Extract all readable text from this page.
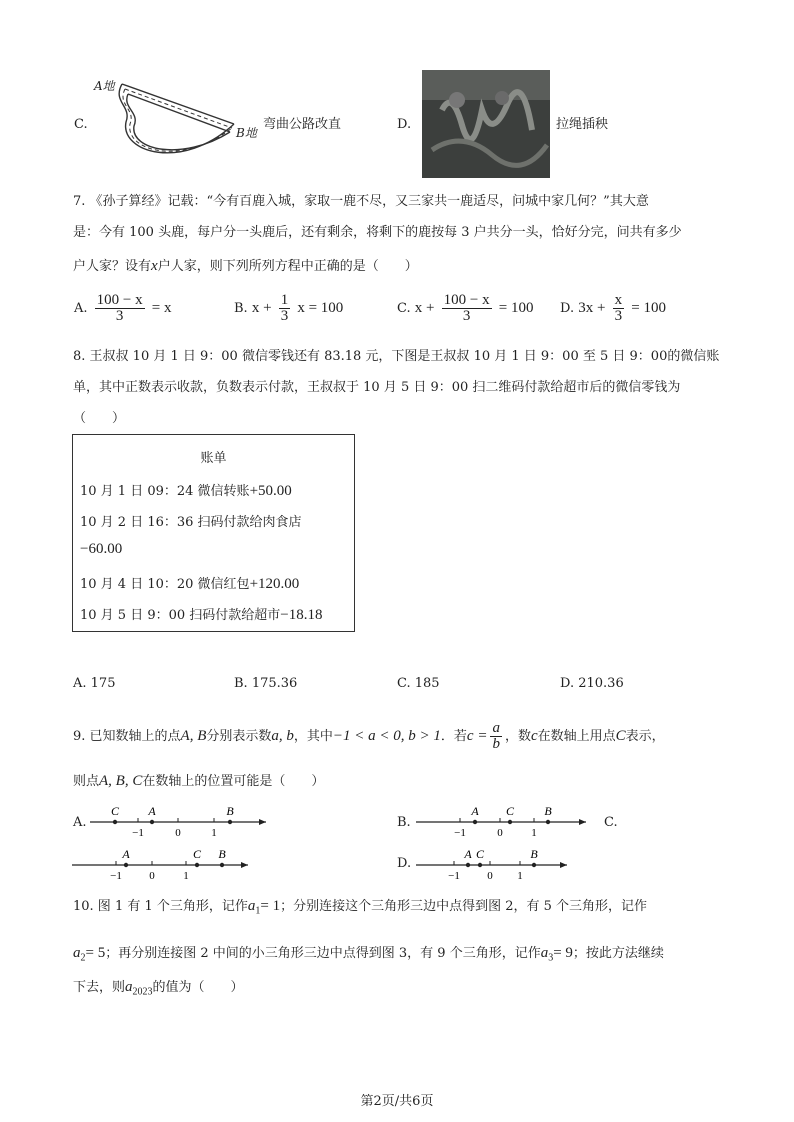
C.
A地
B地
弯曲公路改直	D.	拉绳插秧
7. 《孙子算经》记载：“今有百鹿入城，家取一鹿不尽，又三家共一鹿适尽，问城中家几何？”其大意
是：今有 100 头鹿，每户分一头鹿后，还有剩余，将剩下的鹿按每 3 户共分一头，恰好分完，问共有多少
户人家？设有x户人家，则下列所列方程中正确的是（　　）
A. $\frac{100 - x}{3} = x$	B. $x + \frac{1}{3}$ x = 100	C. $x + \frac{100 - x}{3} = 100$ D. $3x + \frac{x}{3} = 100$
8. 王叔叔 10 月 1 日 9：00 微信零钱还有 83.18 元，下图是王叔叔 10 月 1 日 9：00 至 5 日 9：00的微信账
单，其中正数表示收款，负数表示付款，王叔叔于 10 月 5 日 9：00 扫二维码付款给超市后的微信零钱为
（　　）
账单
10 月 1 日 09：24 微信转账+50.00
10 月 2 日 16：36 扫码付款给肉食店
−60.00
10 月 4 日 10：20 微信红包+120.00
10 月 5 日 9：00 扫码付款给超市−18.18
A. 175	B. 175.36	C. 185	D. 210.36
9. 已知数轴上的点A, B分别表示数a, b，其中−1 < a < 0, b > 1．若$c = \frac{a}{b}$ ，数c在数轴上用点C表示，
则点A, B, C在数轴上的位置可能是（　　）
A.	B.	C.
D.
−1	0	1
C A	B
−1	0	1
A C	B
−1 0	1
A	C B
−1 0 1
A C	B
10. 图 1 有 1 个三角形，记作$a_1= 1$；分别连接这个三角形三边中点得到图 2，有 5 个三角形，记作
$a_2= 5$；再分别连接图 2 中间的小三角形三边中点得到图 3，有 9 个三角形，记作$a_3= 9$；按此方法继续
下去，则$a_{2023}$的值为（　　）
第2页/共6页
